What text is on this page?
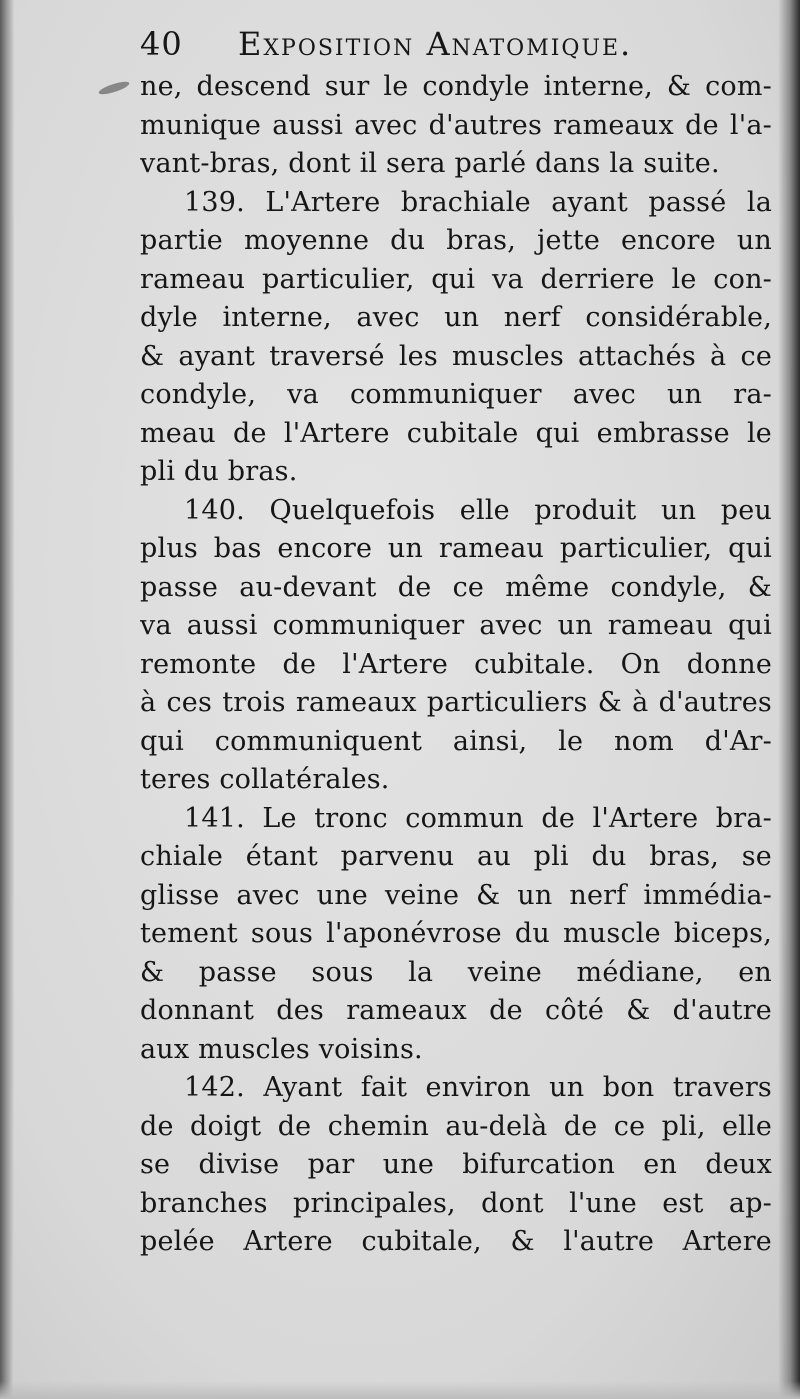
40	Exposition Anatomique.
ne, descend sur le condyle interne, & com-
munique aussi avec d'autres rameaux de l'a-
vant-bras, dont il sera parlé dans la suite.
139. L'Artere brachiale ayant passé la
partie moyenne du bras, jette encore un
rameau particulier, qui va derriere le con-
dyle interne, avec un nerf considérable,
& ayant traversé les muscles attachés à ce
condyle, va communiquer avec un ra-
meau de l'Artere cubitale qui embrasse le
pli du bras.
140. Quelquefois elle produit un peu
plus bas encore un rameau particulier, qui
passe au-devant de ce même condyle, &
va aussi communiquer avec un rameau qui
remonte de l'Artere cubitale. On donne
à ces trois rameaux particuliers & à d'autres
qui communiquent ainsi, le nom d'Ar-
teres collatérales.
141. Le tronc commun de l'Artere bra-
chiale étant parvenu au pli du bras, se
glisse avec une veine & un nerf immédia-
tement sous l'aponévrose du muscle biceps,
& passe sous la veine médiane, en
donnant des rameaux de côté & d'autre
aux muscles voisins.
142. Ayant fait environ un bon travers
de doigt de chemin au-delà de ce pli, elle
se divise par une bifurcation en deux
branches principales, dont l'une est ap-
pelée Artere cubitale, & l'autre Artere
